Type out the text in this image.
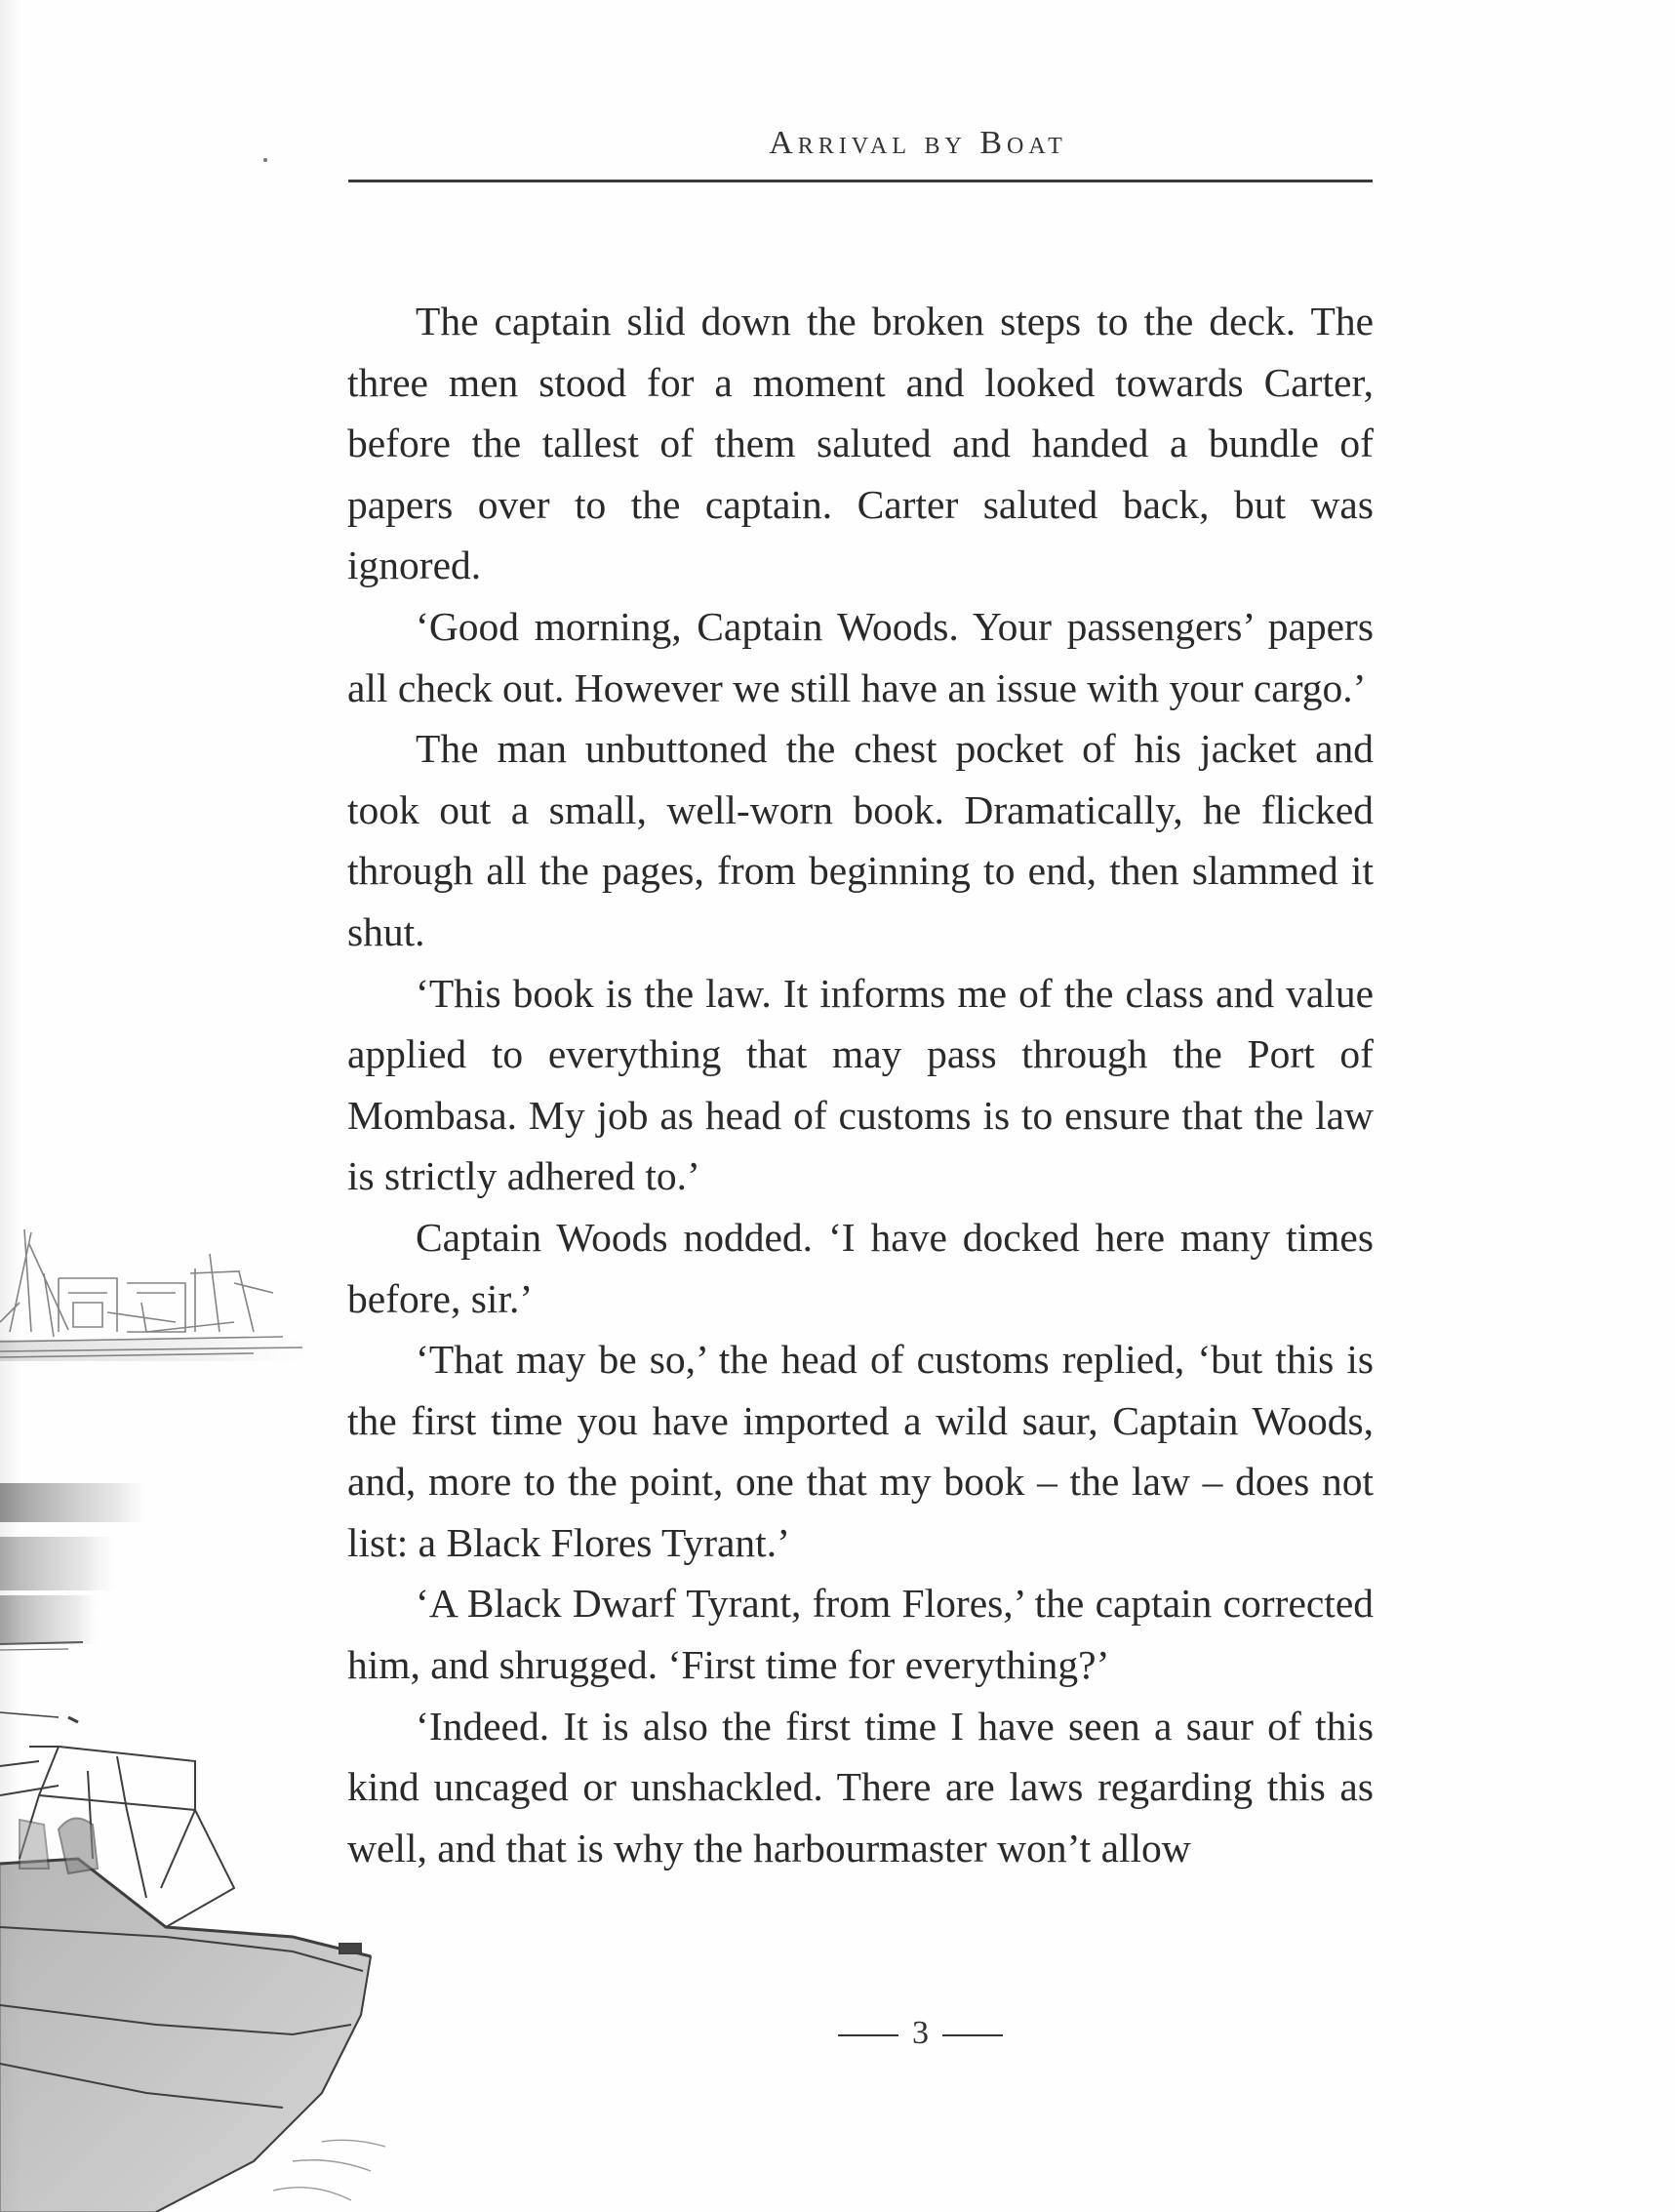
Arrival by Boat

The captain slid down the broken steps to the deck. The three men stood for a moment and looked towards Carter, before the tallest of them saluted and handed a bundle of papers over to the captain. Carter saluted back, but was ignored.

‘Good morning, Captain Woods. Your passengers’ papers all check out. However we still have an issue with your cargo.’

The man unbuttoned the chest pocket of his jacket and took out a small, well-worn book. Dramatically, he flicked through all the pages, from beginning to end, then slammed it shut.

‘This book is the law. It informs me of the class and value applied to everything that may pass through the Port of Mombasa. My job as head of customs is to ensure that the law is strictly adhered to.’

Captain Woods nodded. ‘I have docked here many times before, sir.’

‘That may be so,’ the head of customs replied, ‘but this is the first time you have imported a wild saur, Captain Woods, and, more to the point, one that my book – the law – does not list: a Black Flores Tyrant.’

‘A Black Dwarf Tyrant, from Flores,’ the captain corrected him, and shrugged. ‘First time for everything?’

‘Indeed. It is also the first time I have seen a saur of this kind uncaged or unshackled. There are laws regarding this as well, and that is why the harbourmaster won’t allow

3
